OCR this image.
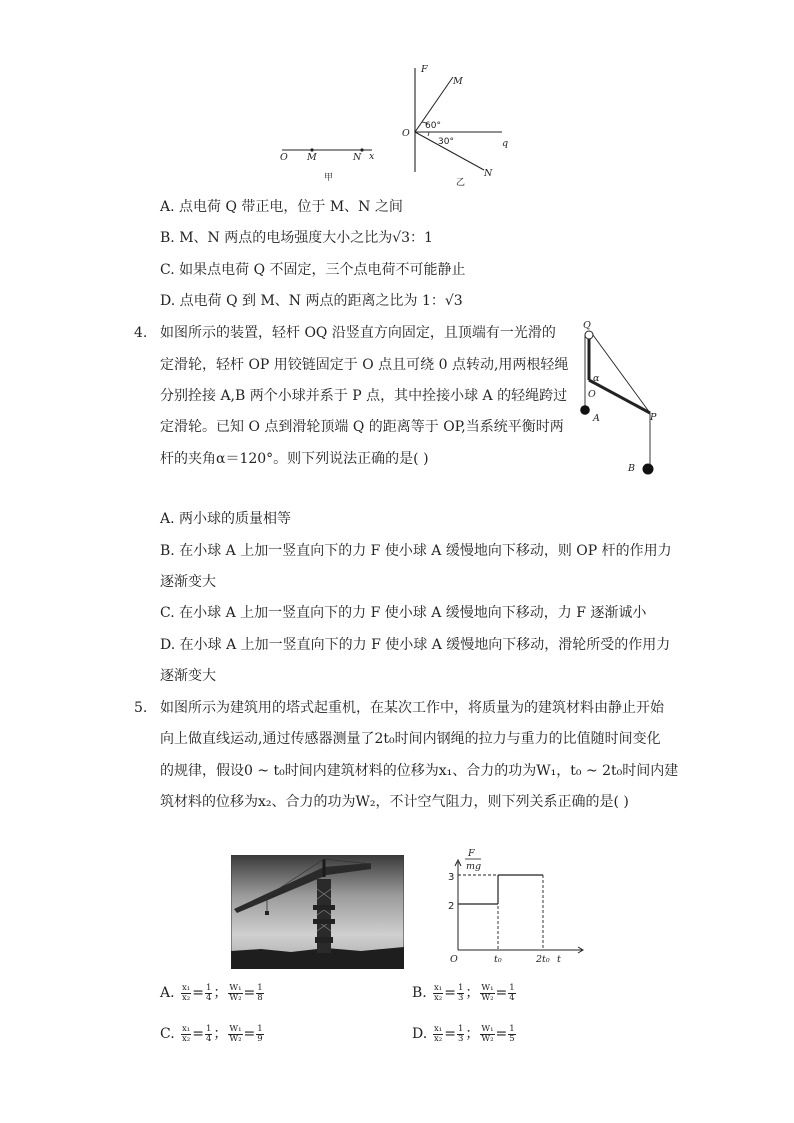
O M	N x
甲
F
M
O
60°
30°	q
N
乙
A. 点电荷 Q 带正电，位于 M、N 之间
B. M、N 两点的电场强度大小之比为√3：1
C. 如果点电荷 Q 不固定，三个点电荷不可能静止
D. 点电荷 Q 到 M、N 两点的距离之比为 1：√3
4. 如图所示的装置，轻杆 OQ 沿竖直方向固定，且顶端有一光滑的
定滑轮，轻杆 OP 用铰链固定于 O 点且可绕 0 点转动,用两根轻绳
分别拴接 A,B 两个小球并系于 P 点，其中拴接小球 A 的轻绳跨过
定滑轮。已知 O 点到滑轮顶端 Q 的距离等于 OP,当系统平衡时两
杆的夹角α＝120°。则下列说法正确的是( )
Q
α
O
A	P
B
A. 两小球的质量相等
B. 在小球 A 上加一竖直向下的力 F 使小球 A 缓慢地向下移动，则 OP 杆的作用力
逐渐变大
C. 在小球 A 上加一竖直向下的力 F 使小球 A 缓慢地向下移动，力 F 逐渐诚小
D. 在小球 A 上加一竖直向下的力 F 使小球 A 缓慢地向下移动，滑轮所受的作用力
逐渐变大
5. 如图所示为建筑用的塔式起重机，在某次工作中，将质量为的建筑材料由静止开始
向上做直线运动,通过传感器测量了2t₀时间内钢绳的拉力与重力的比值随时间变化
的规律，假设0 ~ t₀时间内建筑材料的位移为x₁、合力的功为W₁，t₀ ~ 2t₀时间内建
筑材料的位移为x₂、合力的功为W₂，不计空气阻力，则下列关系正确的是( )
F
mg
3
2
O	t₀	2t₀ t
A. $\frac{\text{x₁}}{\text{x₂}} = \frac{1}{4}$ ； $\frac{\text{W₁}}{\text{W₂}} = \frac{1}{8}$	B. $\frac{\text{x₁}}{\text{x₂}} = \frac{1}{3}$ ； $\frac{\text{W₁}}{\text{W₂}} = \frac{1}{4}$
C. $\frac{\text{x₁}}{\text{x₂}} = \frac{1}{4}$ ； $\frac{\text{W₁}}{\text{W₂}} = \frac{1}{9}$	D. $\frac{\text{x₁}}{\text{x₂}} = \frac{1}{3}$ ； $\frac{\text{W₁}}{\text{W₂}} = \frac{1}{5}$
